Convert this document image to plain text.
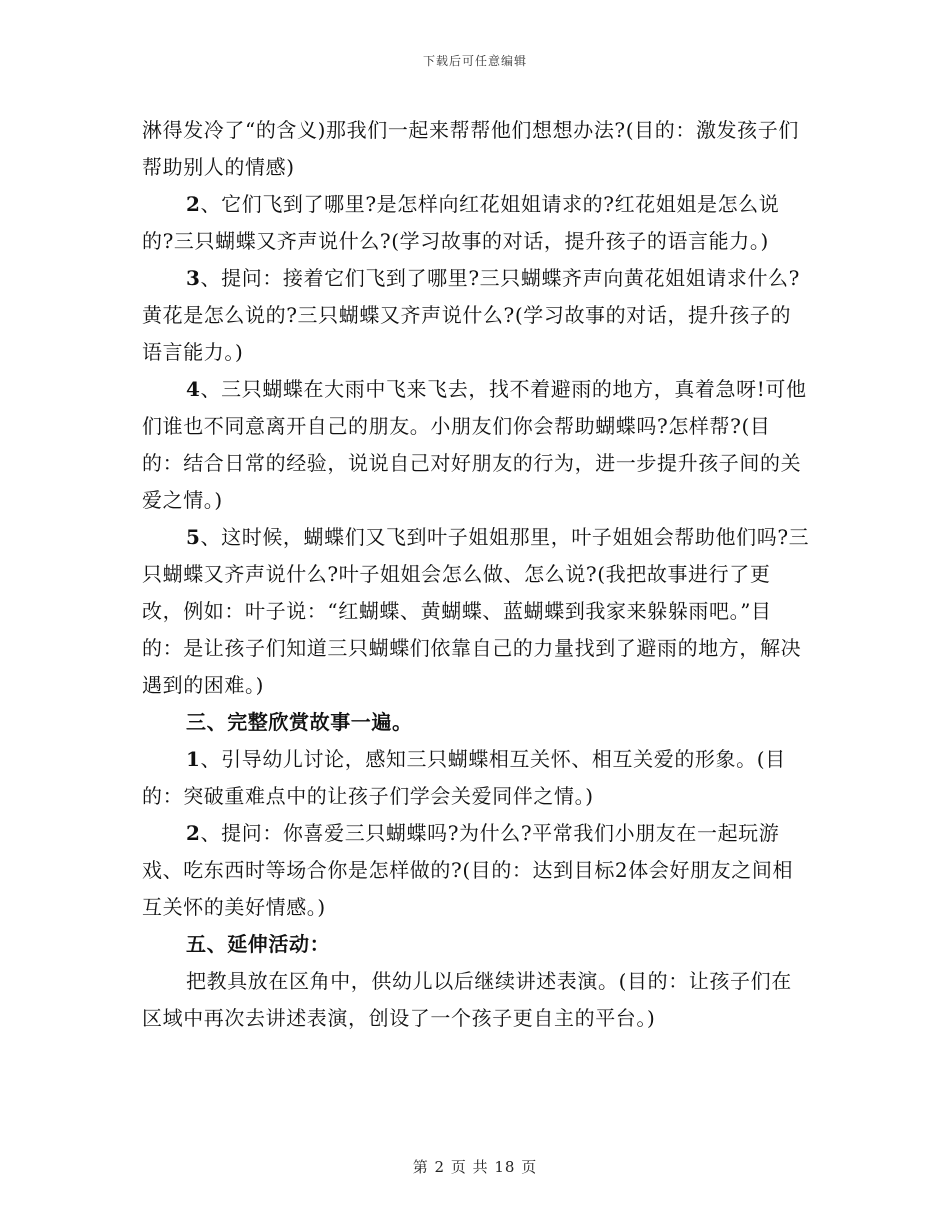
下载后可任意编辑

淋得发冷了“的含义)那我们一起来帮帮他们想想办法?(目的：激发孩子们帮助别人的情感)

2、它们飞到了哪里?是怎样向红花姐姐请求的?红花姐姐是怎么说的?三只蝴蝶又齐声说什么?(学习故事的对话，提升孩子的语言能力。)

3、提问：接着它们飞到了哪里?三只蝴蝶齐声向黄花姐姐请求什么?黄花是怎么说的?三只蝴蝶又齐声说什么?(学习故事的对话，提升孩子的语言能力。)

4、三只蝴蝶在大雨中飞来飞去，找不着避雨的地方，真着急呀!可他们谁也不同意离开自己的朋友。小朋友们你会帮助蝴蝶吗?怎样帮?(目的：结合日常的经验，说说自己对好朋友的行为，进一步提升孩子间的关爱之情。)

5、这时候，蝴蝶们又飞到叶子姐姐那里，叶子姐姐会帮助他们吗?三只蝴蝶又齐声说什么?叶子姐姐会怎么做、怎么说?(我把故事进行了更改，例如：叶子说：“红蝴蝶、黄蝴蝶、蓝蝴蝶到我家来躲躲雨吧。”目的：是让孩子们知道三只蝴蝶们依靠自己的力量找到了避雨的地方，解决遇到的困难。)

三、完整欣赏故事一遍。

1、引导幼儿讨论，感知三只蝴蝶相互关怀、相互关爱的形象。(目的：突破重难点中的让孩子们学会关爱同伴之情。)

2、提问：你喜爱三只蝴蝶吗?为什么?平常我们小朋友在一起玩游戏、吃东西时等场合你是怎样做的?(目的：达到目标2体会好朋友之间相互关怀的美好情感。)

五、延伸活动：

把教具放在区角中，供幼儿以后继续讲述表演。(目的：让孩子们在区域中再次去讲述表演，创设了一个孩子更自主的平台。)

第 2 页 共 18 页
